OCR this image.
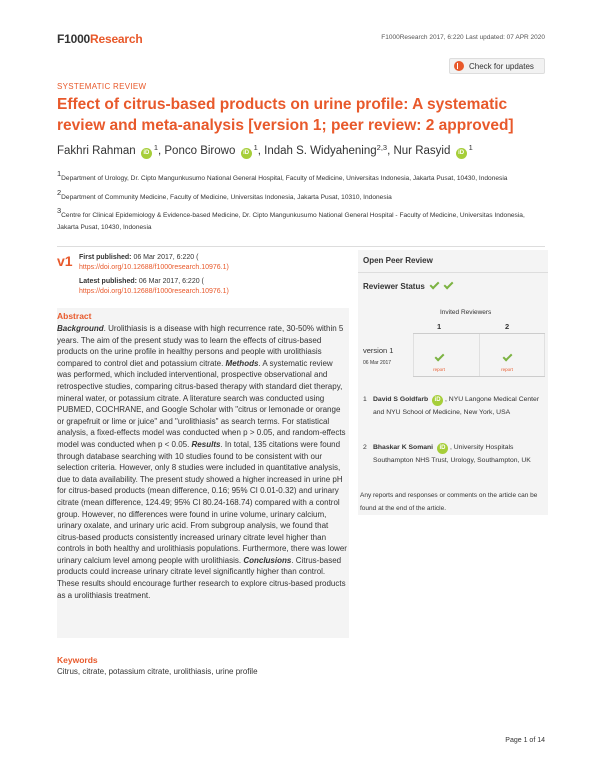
F1000Research	F1000Research 2017, 6:220 Last updated: 07 APR 2020
Check for updates
SYSTEMATIC REVIEW
Effect of citrus-based products on urine profile: A systematic review and meta-analysis [version 1; peer review: 2 approved]
Fakhri Rahman $iD^1$, Ponco Birowo $iD^1$, Indah S. Widyahening$^{2,3}$, Nur Rasyid $iD^1$
1Department of Urology, Dr. Cipto Mangunkusumo National General Hospital, Faculty of Medicine, Universitas Indonesia, Jakarta Pusat, 10430, Indonesia
2Department of Community Medicine, Faculty of Medicine, Universitas Indonesia, Jakarta Pusat, 10310, Indonesia
3Centre for Clinical Epidemiology & Evidence-based Medicine, Dr. Cipto Mangunkusumo National General Hospital - Faculty of Medicine, Universitas Indonesia, Jakarta Pusat, 10430, Indonesia
v1 First published: 06 Mar 2017, 6:220 (
https://doi.org/10.12688/f1000research.10976.1)
Latest published: 06 Mar 2017, 6:220 (
https://doi.org/10.12688/f1000research.10976.1)
Abstract
Background. Urolithiasis is a disease with high recurrence rate, 30-50% within 5 years. The aim of the present study was to learn the effects of citrus-based products on the urine profile in healthy persons and people with urolithiasis compared to control diet and potassium citrate. Methods. A systematic review was performed, which included interventional, prospective observational and retrospective studies, comparing citrus-based therapy with standard diet therapy, mineral water, or potassium citrate. A literature search was conducted using PUBMED, COCHRANE, and Google Scholar with "citrus or lemonade or orange or grapefruit or lime or juice" and "urolithiasis" as search terms. For statistical analysis, a fixed-effects model was conducted when p > 0.05, and random-effects model was conducted when p < 0.05. Results. In total, 135 citations were found through database searching with 10 studies found to be consistent with our selection criteria. However, only 8 studies were included in quantitative analysis, due to data availability. The present study showed a higher increased in urine pH for citrus-based products (mean difference, 0.16; 95% CI 0.01-0.32) and urinary citrate (mean difference, 124.49; 95% CI 80.24-168.74) compared with a control group. However, no differences were found in urine volume, urinary calcium, urinary oxalate, and urinary uric acid. From subgroup analysis, we found that citrus-based products consistently increased urinary citrate level higher than controls in both healthy and urolithiasis populations. Furthermore, there was lower urinary calcium level among people with urolithiasis. Conclusions. Citrus-based products could increase urinary citrate level significantly higher than control. These results should encourage further research to explore citrus-based products as a urolithiasis treatment.
Keywords
Citrus, citrate, potassium citrate, urolithiasis, urine profile
Open Peer Review
Reviewer Status
Invited Reviewers
1	2
version 1
06 Mar 2017
report	report
1 David S Goldfarb iD , NYU Langone Medical Center and NYU School of Medicine, New York, USA
2 Bhaskar K Somani iD , University Hospitals Southampton NHS Trust, Urology, Southampton, UK
Any reports and responses or comments on the article can be found at the end of the article.
Page 1 of 14
